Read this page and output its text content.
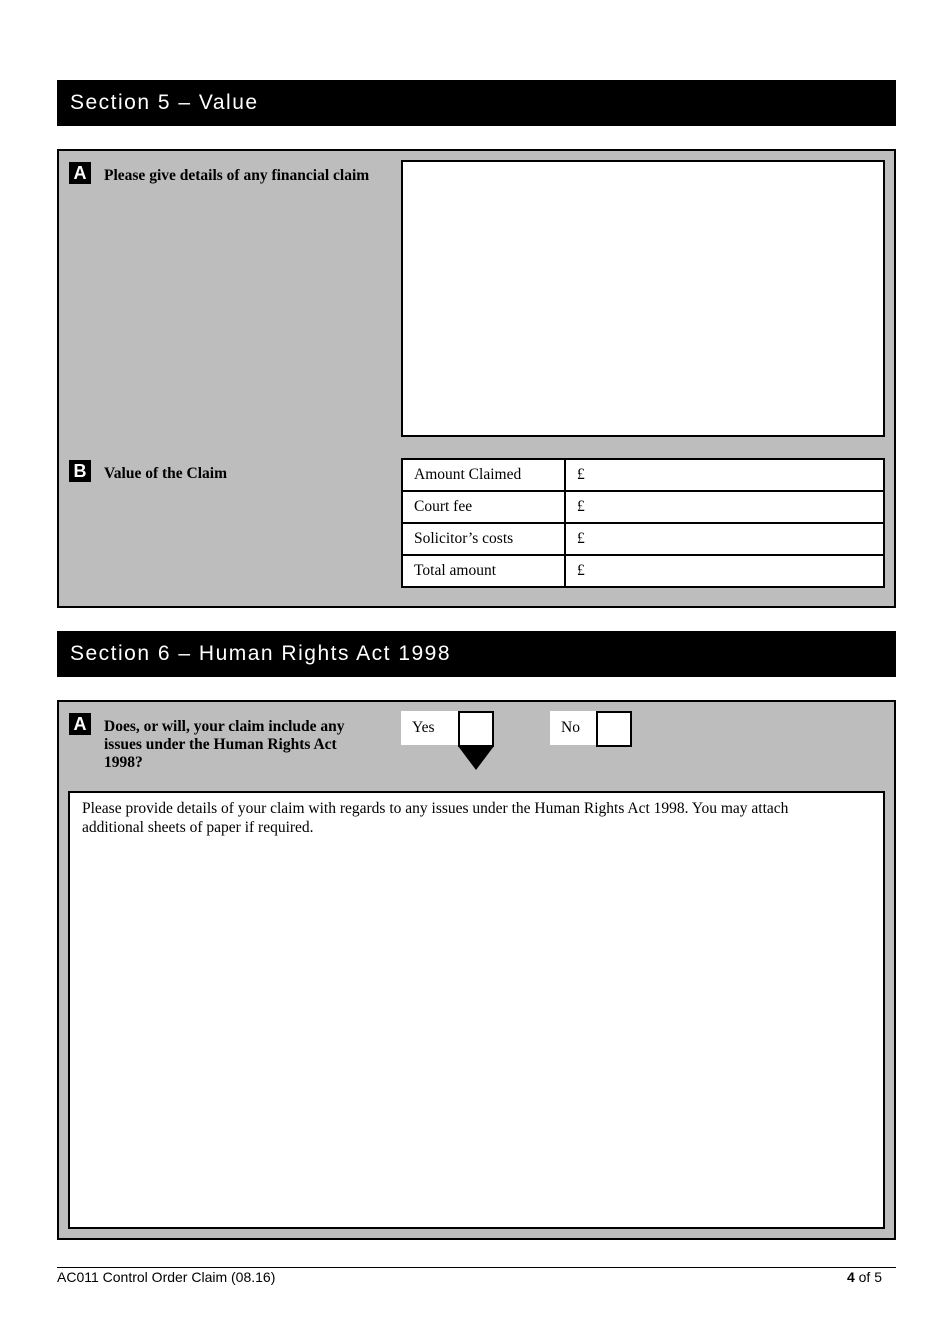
Section 5 – Value
A Please give details of any financial claim
B Value of the Claim	Amount Claimed	£
Court fee	£
Solicitor’s costs	£
Total amount	£
Section 6 – Human Rights Act 1998
A Does, or will, your claim include any
issues under the Human Rights Act
1998?
Yes	No
Please provide details of your claim with regards to any issues under the Human Rights Act 1998. You may attach
additional sheets of paper if required.
AC011 Control Order Claim (08.16)	4 of 5
